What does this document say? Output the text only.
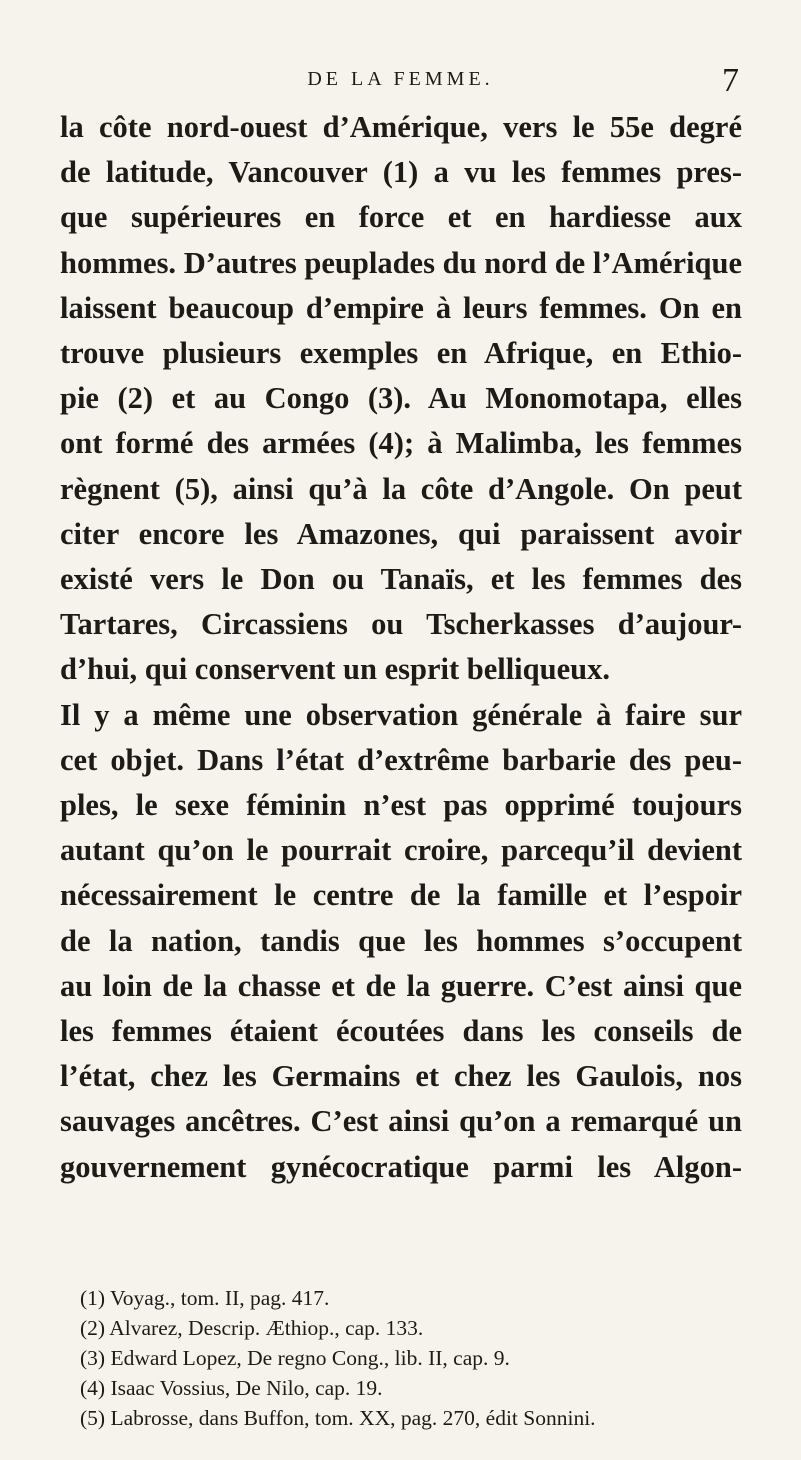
DE LA FEMME.	7
la côte nord-ouest d’Amérique, vers le 55e degré
de latitude, Vancouver (1) a vu les femmes pres-
que supérieures en force et en hardiesse aux
hommes. D’autres peuplades du nord de l’Amérique
laissent beaucoup d’empire à leurs femmes. On en
trouve plusieurs exemples en Afrique, en Ethio-
pie (2) et au Congo (3). Au Monomotapa, elles
ont formé des armées (4); à Malimba, les femmes
règnent (5), ainsi qu’à la côte d’Angole. On peut
citer encore les Amazones, qui paraissent avoir
existé vers le Don ou Tanaïs, et les femmes des
Tartares, Circassiens ou Tscherkasses d’aujour-
d’hui, qui conservent un esprit belliqueux.
Il y a même une observation générale à faire sur
cet objet. Dans l’état d’extrême barbarie des peu-
ples, le sexe féminin n’est pas opprimé toujours
autant qu’on le pourrait croire, parcequ’il devient
nécessairement le centre de la famille et l’espoir
de la nation, tandis que les hommes s’occupent
au loin de la chasse et de la guerre. C’est ainsi que
les femmes étaient écoutées dans les conseils de
l’état, chez les Germains et chez les Gaulois, nos
sauvages ancêtres. C’est ainsi qu’on a remarqué un
gouvernement gynécocratique parmi les Algon-
(1) Voyag., tom. II, pag. 417.
(2) Alvarez, Descrip. Æthiop., cap. 133.
(3) Edward Lopez, De regno Cong., lib. II, cap. 9.
(4) Isaac Vossius, De Nilo, cap. 19.
(5) Labrosse, dans Buffon, tom. XX, pag. 270, édit Sonnini.
